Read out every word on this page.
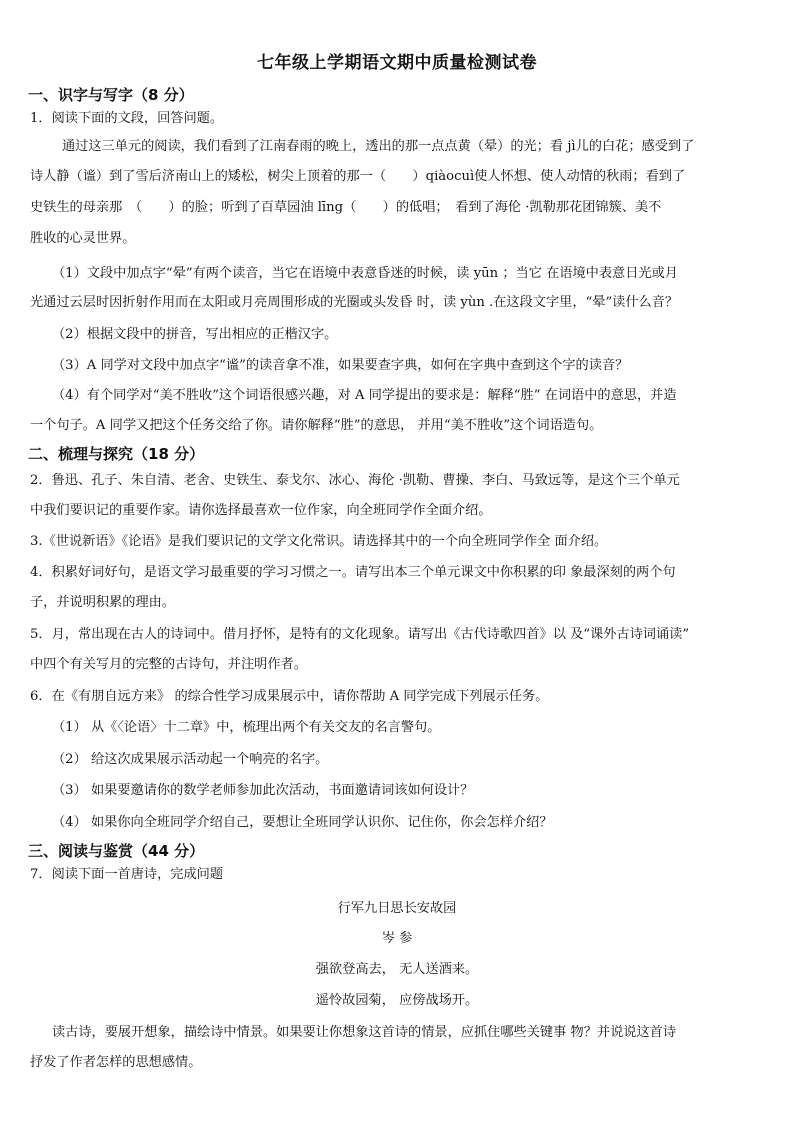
七年级上学期语文期中质量检测试卷
一、识字与写字（8 分）
1．阅读下面的文段，回答问题。
通过这三单元的阅读，我们看到了江南春雨的晚上，透出的那一点点黄（晕）的光；看 jì儿的白花；感受到了
诗人静（谧）到了雪后济南山上的矮松，树尖上顶着的那一（　　）qiàocuì使人怀想、使人动情的秋雨；看到了
史铁生的母亲那　（　　）的脸；听到了百草园油 līng（　　）的低唱；　看到了海伦 ·凯勒那花团锦簇、美不
胜收的心灵世界。
（1）文段中加点字“晕”有两个读音，当它在语境中表意昏迷的时候，读 yūn ；当它 在语境中表意日光或月
光通过云层时因折射作用而在太阳或月亮周围形成的光圈或头发昏 时，读 yùn .在这段文字里，“晕”读什么音？
（2）根据文段中的拼音，写出相应的正楷汉字。
（3）A 同学对文段中加点字“谧”的读音拿不准，如果要查字典，如何在字典中查到这个字的读音？
（4）有个同学对“美不胜收”这个词语很感兴趣，对 A 同学提出的要求是：解释“胜” 在词语中的意思，并造
一个句子。A 同学又把这个任务交给了你。请你解释“胜”的意思， 并用“美不胜收”这个词语造句。
二、梳理与探究（18 分）
2．鲁迅、孔子、朱自清、老舍、史铁生、泰戈尔、冰心、海伦 ·凯勒、曹操、李白、马致远等，是这个三个单元
中我们要识记的重要作家。请你选择最喜欢一位作家，向全班同学作全面介绍。
3.《世说新语》《论语》是我们要识记的文学文化常识。请选择其中的一个向全班同学作全 面介绍。
4．积累好词好句，是语文学习最重要的学习习惯之一。请写出本三个单元课文中你积累的印 象最深刻的两个句
子，并说明积累的理由。
5．月，常出现在古人的诗词中。借月抒怀，是特有的文化现象。请写出《古代诗歌四首》以 及“课外古诗词诵读”
中四个有关写月的完整的古诗句，并注明作者。
6．在《有朋自远方来》 的综合性学习成果展示中，请你帮助 A 同学完成下列展示任务。
（1） 从《〈论语〉十二章》中，梳理出两个有关交友的名言警句。
（2） 给这次成果展示活动起一个响亮的名字。
（3） 如果要邀请你的数学老师参加此次活动，书面邀请词该如何设计？
（4） 如果你向全班同学介绍自己，要想让全班同学认识你、记住你，你会怎样介绍？
三、阅读与鉴赏（44 分）
7．阅读下面一首唐诗，完成问题
行军九日思长安故园
岑 参
强欲登高去， 无人送酒来。
遥怜故园菊， 应傍战场开。
读古诗，要展开想象，描绘诗中情景。如果要让你想象这首诗的情景，应抓住哪些关键事 物？并说说这首诗
抒发了作者怎样的思想感情。
